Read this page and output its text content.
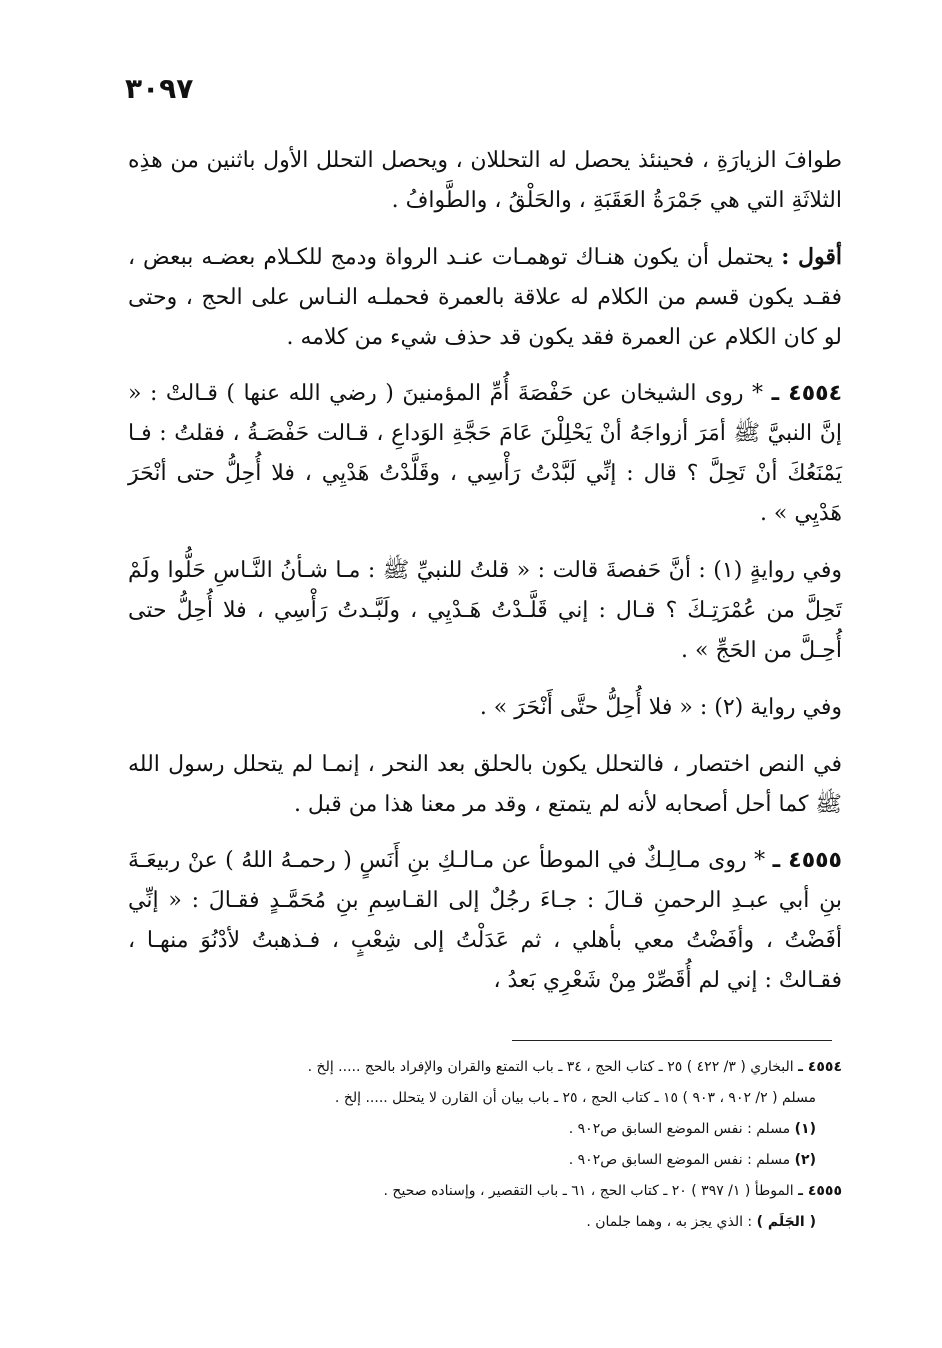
٣٠٩٧

طوافَ الزيارَةِ ، فحينئذ يحصل له التحللان ، ويحصل التحلل الأول باثنين من هذِه الثلاثَةِ التي هي جَمْرَةُ العَقَبَةِ ، والحَلْقُ ، والطَّوافُ .

أقول : يحتمل أن يكون هنـاك توهمـات عنـد الرواة ودمج للكـلام بعضـه ببعض ، فقـد يكون قسم من الكلام له علاقة بالعمرة فحملـه النـاس على الحج ، وحتى لو كان الكلام عن العمرة فقد يكون قد حذف شيء من كلامه .

٤٥٥٤ ـ * روى الشيخان عن حَفْصَةَ أُمِّ المؤمنينَ ( رضي الله عنها ) قـالتْ : « إنَّ النبيَّ ﷺ أمَرَ أزواجَهُ أنْ يَحْلِلْنَ عَامَ حَجَّةِ الوَداعِ ، قـالت حَفْصَـةُ ، فقلتُ : فـا يَمْنَعُكَ أنْ تَحِلَّ ؟ قال : إنِّي لَبَّدْتُ رَأْسِي ، وقَلَّدْتُ هَدْيِي ، فلا أُحِلُّ حتى أنْحَرَ هَدْيِي » .

وفي روايةٍ (١) : أنَّ حَفصةَ قالت : « قلتُ للنبيِّ ﷺ : مـا شـأنُ النَّـاسِ حَلُّوا ولَمْ تَحِلَّ من عُمْرَتِـكَ ؟ قـال : إني قَلَّـدْتُ هَـدْيِي ، ولَبَّـدتُ رَأْسِي ، فلا أُحِلُّ حتى أُحِـلَّ من الحَجِّ » .

وفي رواية (٢) : « فلا أُحِلُّ حتَّى أَنْحَرَ » .

في النص اختصار ، فالتحلل يكون بالحلق بعد النحر ، إنمـا لم يتحلل رسول الله ﷺ كما أحل أصحابه لأنه لم يتمتع ، وقد مر معنا هذا من قبل .

٤٥٥٥ ـ * روى مـالِـكٌ في الموطأ عن مـالـكِ بنِ أَنَسٍ ( رحمـهُ اللهُ ) عنْ ربيعَـةَ بنِ أبي عبـدِ الرحمنِ قـالَ : جـاءَ رجُلٌ إلى القـاسِمِ بنِ مُحَمَّـدٍ فقـالَ : « إنِّي أفَضْتُ ، وأفَضْتُ معي بأهلي ، ثم عَدَلْتُ إلى شِعْبٍ ، فـذهبتُ لأدْنُوَ منهـا ، فقـالتْ : إني لم أُقَصِّرْ مِنْ شَعْرِي بَعدُ ،

٤٥٥٤ ـ البخاري ( ٣/ ٤٢٢ ) ٢٥ ـ كتاب الحج ، ٣٤ ـ باب التمتع والقران والإفراد بالحج ..... إلخ .
مسلم ( ٢/ ٩٠٢ ، ٩٠٣ ) ١٥ ـ كتاب الحج ، ٢٥ ـ باب بيان أن القارن لا يتحلل ..... إلخ .
(١) مسلم : نفس الموضع السابق ص٩٠٢ .
(٢) مسلم : نفس الموضع السابق ص٩٠٢ .
٤٥٥٥ ـ الموطأ ( ١/ ٣٩٧ ) ٢٠ ـ كتاب الحج ، ٦١ ـ باب التقصير ، وإسناده صحيح .
( الجَلَم ) : الذي يجز به ، وهما جلمان .
